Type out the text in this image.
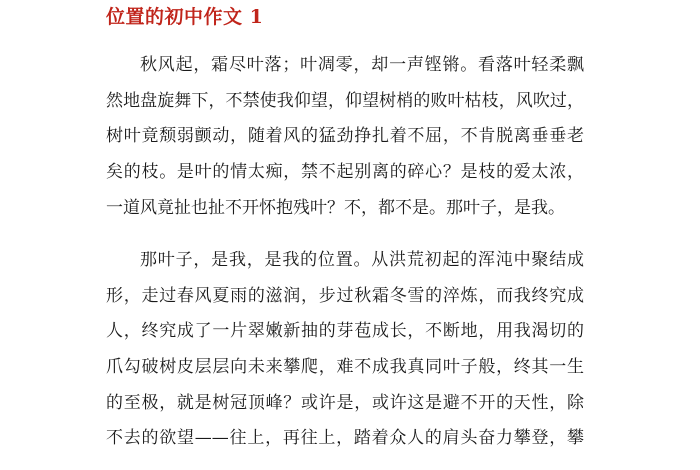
位置的初中作文 1
秋风起，霜尽叶落；叶凋零，却一声铿锵。看落叶轻柔飘
然地盘旋舞下，不禁使我仰望，仰望树梢的败叶枯枝，风吹过，
树叶竟颓弱颤动，随着风的猛劲挣扎着不屈，不肯脱离垂垂老
矣的枝。是叶的情太痴，禁不起别离的碎心？是枝的爱太浓，
一道风竟扯也扯不开怀抱残叶？不，都不是。那叶子，是我。
那叶子，是我，是我的位置。从洪荒初起的浑沌中聚结成
形，走过春风夏雨的滋润，步过秋霜冬雪的淬炼，而我终究成
人，终究成了一片翠嫩新抽的芽苞成长，不断地，用我渴切的
爪勾破树皮层层向未来攀爬，难不成我真同叶子般，终其一生
的至极，就是树冠顶峰？或许是，或许这是避不开的天性，除
不去的欲望——往上，再往上，踏着众人的肩头奋力攀登，攀
